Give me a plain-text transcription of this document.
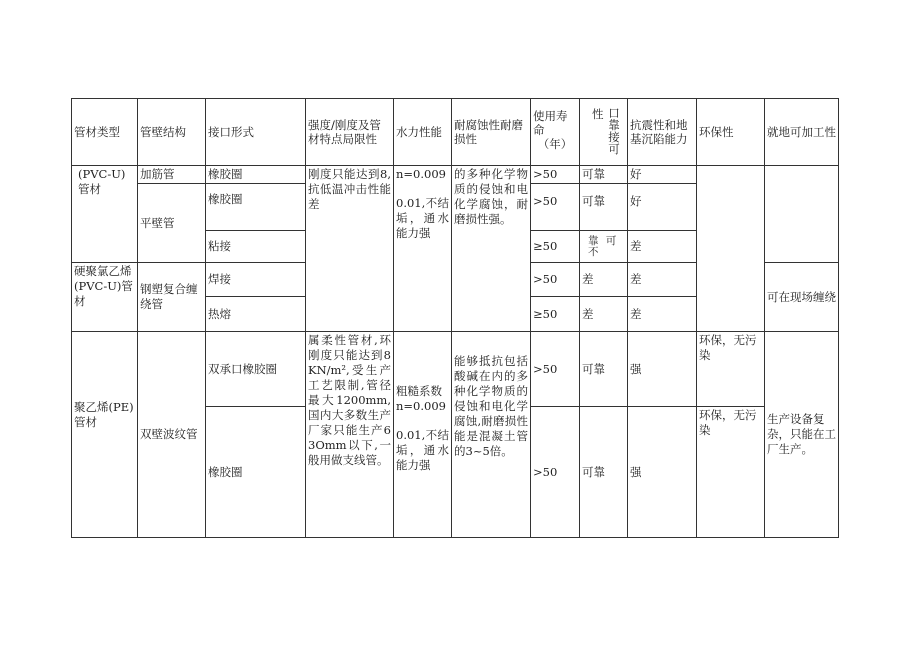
管材类型	管壁结构	接口形式	强度/刚度及管材特点局限性	水力性能	耐腐蚀性耐磨损性	使用寿命
（年）	性 口靠接可	抗震性和地基沉陷能力	环保性	就地可加工性
(PVC-U)管材	加筋管	橡胶圈	刚度只能达到8,抗低温冲击性能差	n=0.009
0.01,不结垢，通水能力强	的多种化学物质的侵蚀和电化学腐蚀，耐磨损性强。	>50	可靠	好		
	平壁管	橡胶圈				>50	可靠	好		
		粘接				≥50	靠 可 不	差		
硬聚氯乙烯 (PVC-U)管材	钢塑复合缠绕管	焊接				>50	差	差		可在现场缠绕
		热熔				≥50	差	差		
聚乙烯(PE)管材	双壁波纹管	双承口橡胶圈	属柔性管材,环刚度只能达到8KN/m²,受生产工艺限制,管径最大1200mm,国内大多数生产厂家只能生产63Omm以下,一般用做支线管。	粗糙系数n=0.009
0.01,不结垢，通水能力强	能够抵抗包括酸碱在内的多种化学物质的侵蚀和电化学腐蚀,耐磨损性能是混凝土管的3~5倍。	>50	可靠	强	环保，无污染	生产设备复杂，只能在工厂生产。
		橡胶圈				>50	可靠	强	环保，无污染	
